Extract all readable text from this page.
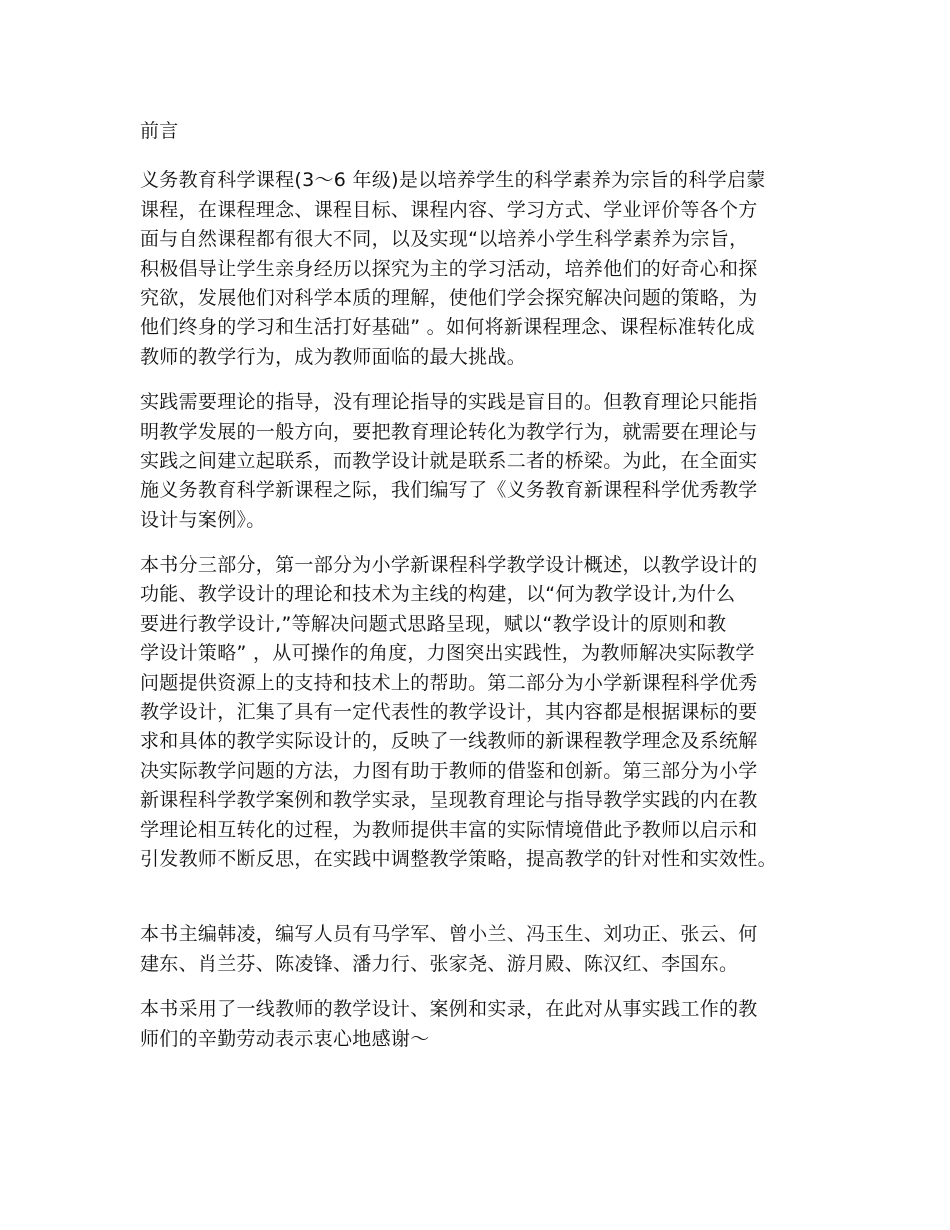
前言
义务教育科学课程(3～6 年级)是以培养学生的科学素养为宗旨的科学启蒙
课程，在课程理念、课程目标、课程内容、学习方式、学业评价等各个方
面与自然课程都有很大不同，以及实现“以培养小学生科学素养为宗旨，
积极倡导让学生亲身经历以探究为主的学习活动，培养他们的好奇心和探
究欲，发展他们对科学本质的理解，使他们学会探究解决问题的策略，为
他们终身的学习和生活打好基础” 。如何将新课程理念、课程标准转化成
教师的教学行为，成为教师面临的最大挑战。
实践需要理论的指导，没有理论指导的实践是盲目的。但教育理论只能指
明教学发展的一般方向，要把教育理论转化为教学行为，就需要在理论与
实践之间建立起联系，而教学设计就是联系二者的桥梁。为此，在全面实
施义务教育科学新课程之际，我们编写了《义务教育新课程科学优秀教学
设计与案例》。
本书分三部分，第一部分为小学新课程科学教学设计概述，以教学设计的
功能、教学设计的理论和技术为主线的构建，以“何为教学设计,为什么
要进行教学设计,”等解决问题式思路呈现，赋以“教学设计的原则和教
学设计策略” ，从可操作的角度，力图突出实践性，为教师解决实际教学
问题提供资源上的支持和技术上的帮助。第二部分为小学新课程科学优秀
教学设计，汇集了具有一定代表性的教学设计，其内容都是根据课标的要
求和具体的教学实际设计的，反映了一线教师的新课程教学理念及系统解
决实际教学问题的方法，力图有助于教师的借鉴和创新。第三部分为小学
新课程科学教学案例和教学实录，呈现教育理论与指导教学实践的内在教
学理论相互转化的过程，为教师提供丰富的实际情境借此予教师以启示和
引发教师不断反思，在实践中调整教学策略，提高教学的针对性和实效性。
本书主编韩凌，编写人员有马学军、曾小兰、冯玉生、刘功正、张云、何
建东、肖兰芬、陈凌锋、潘力行、张家尧、游月殿、陈汉红、李国东。
本书采用了一线教师的教学设计、案例和实录，在此对从事实践工作的教
师们的辛勤劳动表示衷心地感谢～
